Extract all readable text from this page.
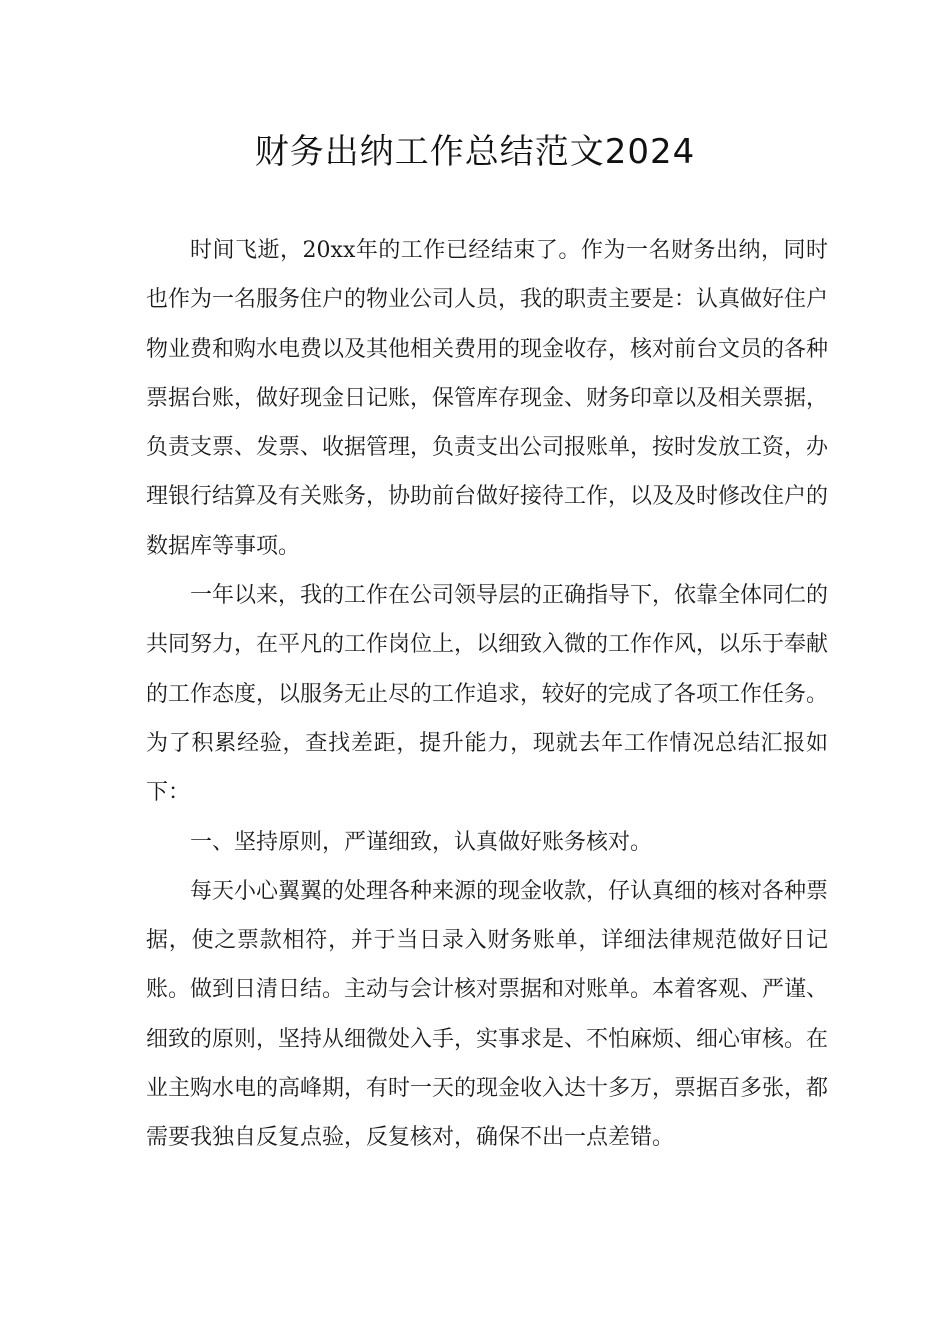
财务出纳工作总结范文2024

时间飞逝，20xx年的工作已经结束了。作为一名财务出纳，同时也作为一名服务住户的物业公司人员，我的职责主要是：认真做好住户物业费和购水电费以及其他相关费用的现金收存，核对前台文员的各种票据台账，做好现金日记账，保管库存现金、财务印章以及相关票据，负责支票、发票、收据管理，负责支出公司报账单，按时发放工资，办理银行结算及有关账务，协助前台做好接待工作，以及及时修改住户的数据库等事项。

一年以来，我的工作在公司领导层的正确指导下，依靠全体同仁的共同努力，在平凡的工作岗位上，以细致入微的工作作风，以乐于奉献的工作态度，以服务无止尽的工作追求，较好的完成了各项工作任务。为了积累经验，查找差距，提升能力，现就去年工作情况总结汇报如下：

一、坚持原则，严谨细致，认真做好账务核对。

每天小心翼翼的处理各种来源的现金收款，仔认真细的核对各种票据，使之票款相符，并于当日录入财务账单，详细法律规范做好日记账。做到日清日结。主动与会计核对票据和对账单。本着客观、严谨、细致的原则，坚持从细微处入手，实事求是、不怕麻烦、细心审核。在业主购水电的高峰期，有时一天的现金收入达十多万，票据百多张，都需要我独自反复点验，反复核对，确保不出一点差错。
